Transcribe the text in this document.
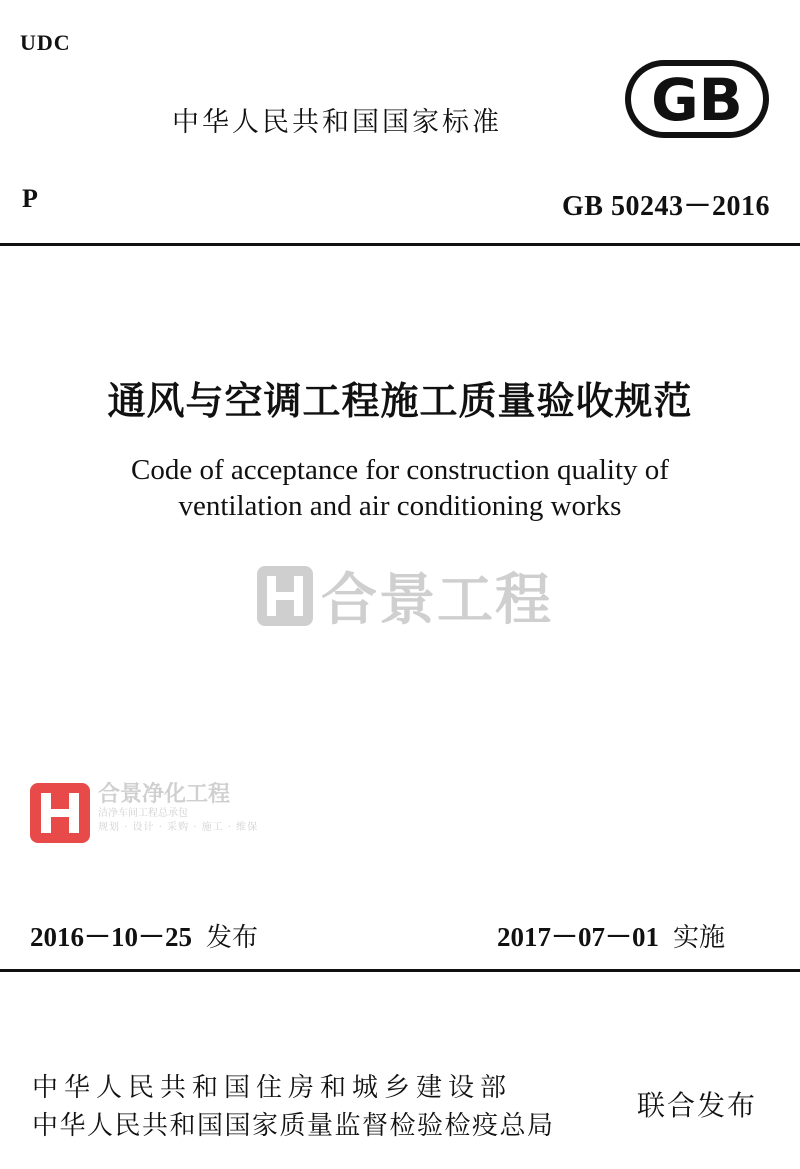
UDC
中华人民共和国国家标准	GB
P	GB 50243－2016
通风与空调工程施工质量验收规范
Code of acceptance for construction quality of
ventilation and air conditioning works
合景工程
合景净化工程
洁净车间工程总承包
规划 · 设计 · 采购 · 施工 · 维保
2016－10－25 发布	2017－07－01 实施
中华人民共和国住房和城乡建设部
中华人民共和国国家质量监督检验检疫总局
联合发布
